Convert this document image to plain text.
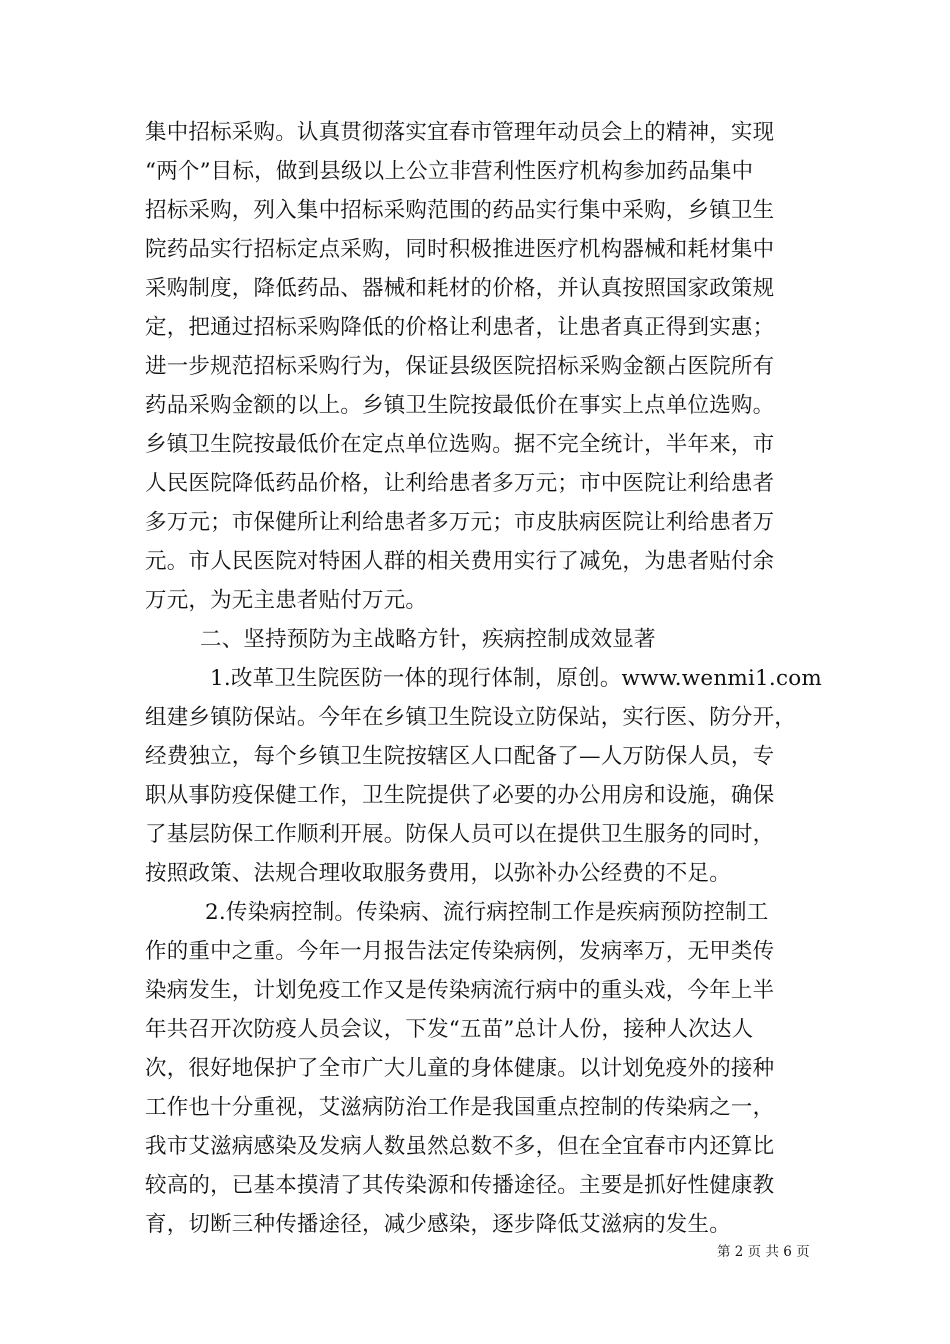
集中招标采购。认真贯彻落实宜春市管理年动员会上的精神，实现
“两个”目标，做到县级以上公立非营利性医疗机构参加药品集中
招标采购，列入集中招标采购范围的药品实行集中采购，乡镇卫生
院药品实行招标定点采购，同时积极推进医疗机构器械和耗材集中
采购制度，降低药品、器械和耗材的价格，并认真按照国家政策规
定，把通过招标采购降低的价格让利患者，让患者真正得到实惠；
进一步规范招标采购行为，保证县级医院招标采购金额占医院所有
药品采购金额的以上。乡镇卫生院按最低价在事实上点单位选购。
乡镇卫生院按最低价在定点单位选购。据不完全统计，半年来，市
人民医院降低药品价格，让利给患者多万元；市中医院让利给患者
多万元；市保健所让利给患者多万元；市皮肤病医院让利给患者万
元。市人民医院对特困人群的相关费用实行了减免，为患者贴付余
万元，为无主患者贴付万元。
二、坚持预防为主战略方针，疾病控制成效显著
1.改革卫生院医防一体的现行体制，原创。www.wenmi1.com
组建乡镇防保站。今年在乡镇卫生院设立防保站，实行医、防分开，
经费独立，每个乡镇卫生院按辖区人口配备了—人万防保人员，专
职从事防疫保健工作，卫生院提供了必要的办公用房和设施，确保
了基层防保工作顺利开展。防保人员可以在提供卫生服务的同时，
按照政策、法规合理收取服务费用，以弥补办公经费的不足。
2.传染病控制。传染病、流行病控制工作是疾病预防控制工
作的重中之重。今年一月报告法定传染病例，发病率万，无甲类传
染病发生，计划免疫工作又是传染病流行病中的重头戏，今年上半
年共召开次防疫人员会议，下发“五苗”总计人份，接种人次达人
次，很好地保护了全市广大儿童的身体健康。以计划免疫外的接种
工作也十分重视，艾滋病防治工作是我国重点控制的传染病之一，
我市艾滋病感染及发病人数虽然总数不多，但在全宜春市内还算比
较高的，已基本摸清了其传染源和传播途径。主要是抓好性健康教
育，切断三种传播途径，减少感染，逐步降低艾滋病的发生。
第 2 页 共 6 页
